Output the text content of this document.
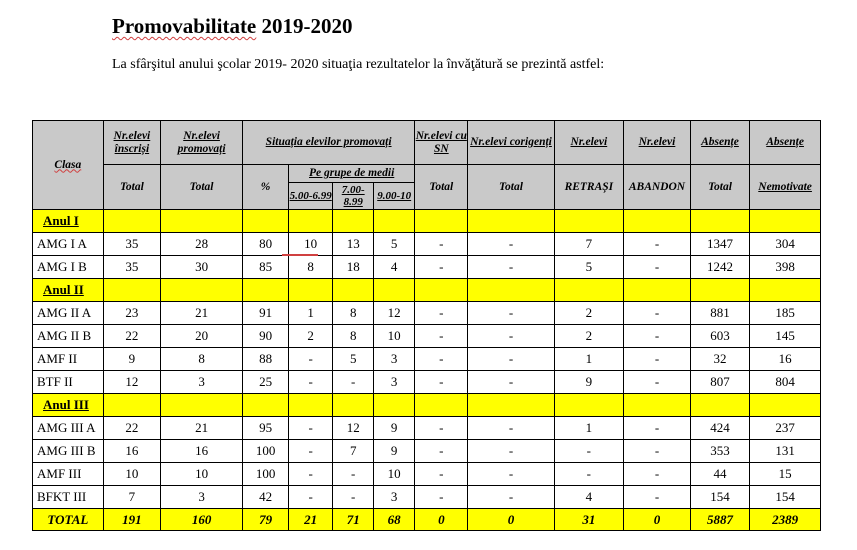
Promovabilitate 2019-2020

La sfârşitul anului şcolar 2019- 2020 situaţia rezultatelor la învăţătură se prezintă astfel:

Clasa	Nr.elevi înscriși	Nr.elevi promovați	Situația elevilor promovați				Nr.elevi cu SN	Nr.elevi corigenți	Nr.elevi	Nr.elevi	Absențe	Absențe
	Total	Total	%	Pe grupe de medii			Total	Total	RETRAȘI	ABANDON	Total	Nemotivate
				5.00-6.99	7.00-8.99	9.00-10						
Anul I												
AMG I A	35	28	80	10	13	5	-	-	7	-	1347	304
AMG I B	35	30	85	8	18	4	-	-	5	-	1242	398
Anul II												
AMG II A	23	21	91	1	8	12	-	-	2	-	881	185
AMG II B	22	20	90	2	8	10	-	-	2	-	603	145
AMF II	9	8	88	-	5	3	-	-	1	-	32	16
BTF II	12	3	25	-	-	3	-	-	9	-	807	804
Anul III												
AMG III A	22	21	95	-	12	9	-	-	1	-	424	237
AMG III B	16	16	100	-	7	9	-	-	-	-	353	131
AMF III	10	10	100	-	-	10	-	-	-	-	44	15
BFKT III	7	3	42	-	-	3	-	-	4	-	154	154
TOTAL	191	160	79	21	71	68	0	0	31	0	5887	2389
